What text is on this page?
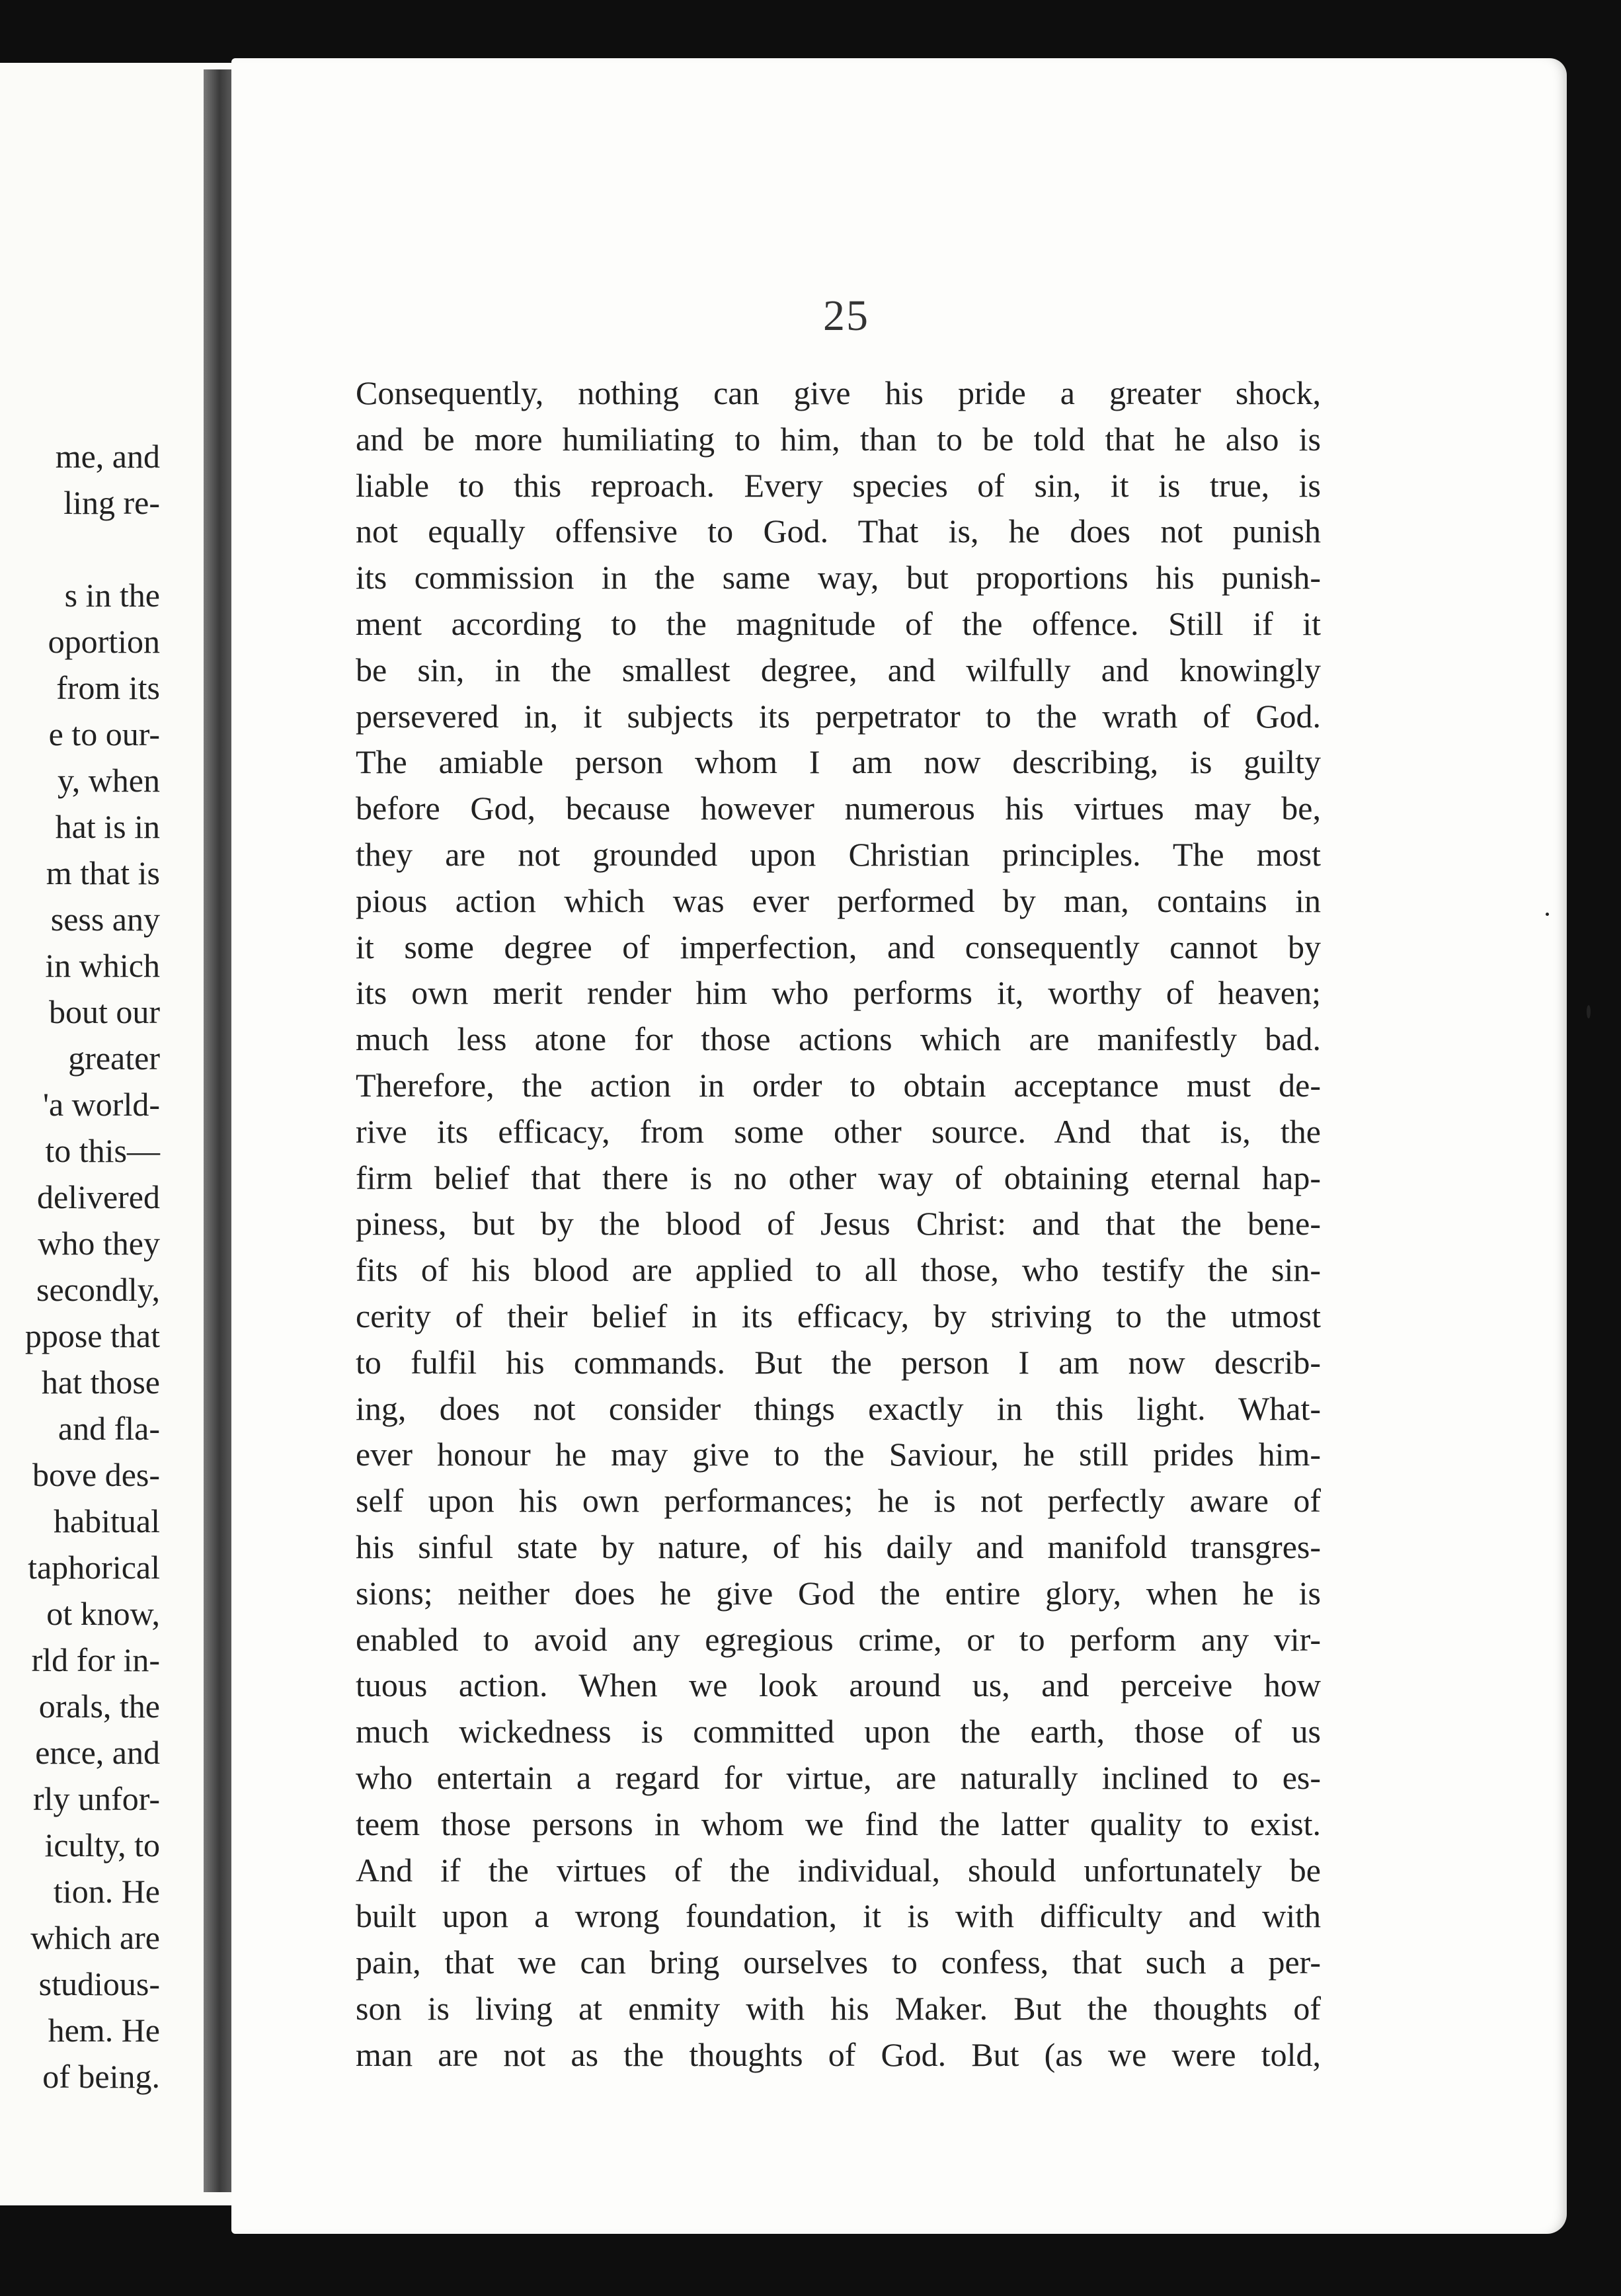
me, and
ling re-
s in the
oportion
from its
e to our-
y, when
hat is in
m that is
sess any
in which
bout our
greater
'a world-
to this—
delivered
who they
secondly,
ppose that
hat those
and fla-
bove des-
habitual
taphorical
ot know,
rld for in-
orals, the
ence, and
rly unfor-
iculty, to
tion. He
which are
studious-
hem. He
of being.
25
Consequently, nothing can give his pride a greater shock,
and be more humiliating to him, than to be told that he also is
liable to this reproach. Every species of sin, it is true, is
not equally offensive to God. That is, he does not punish
its commission in the same way, but proportions his punish-
ment according to the magnitude of the offence. Still if it
be sin, in the smallest degree, and wilfully and knowingly
persevered in, it subjects its perpetrator to the wrath of God.
The amiable person whom I am now describing, is guilty
before God, because however numerous his virtues may be,
they are not grounded upon Christian principles. The most
pious action which was ever performed by man, contains in
it some degree of imperfection, and consequently cannot by
its own merit render him who performs it, worthy of heaven;
much less atone for those actions which are manifestly bad.
Therefore, the action in order to obtain acceptance must de-
rive its efficacy, from some other source. And that is, the
firm belief that there is no other way of obtaining eternal hap-
piness, but by the blood of Jesus Christ: and that the bene-
fits of his blood are applied to all those, who testify the sin-
cerity of their belief in its efficacy, by striving to the utmost
to fulfil his commands. But the person I am now describ-
ing, does not consider things exactly in this light. What-
ever honour he may give to the Saviour, he still prides him-
self upon his own performances; he is not perfectly aware of
his sinful state by nature, of his daily and manifold transgres-
sions; neither does he give God the entire glory, when he is
enabled to avoid any egregious crime, or to perform any vir-
tuous action. When we look around us, and perceive how
much wickedness is committed upon the earth, those of us
who entertain a regard for virtue, are naturally inclined to es-
teem those persons in whom we find the latter quality to exist.
And if the virtues of the individual, should unfortunately be
built upon a wrong foundation, it is with difficulty and with
pain, that we can bring ourselves to confess, that such a per-
son is living at enmity with his Maker. But the thoughts of
man are not as the thoughts of God. But (as we were told,
